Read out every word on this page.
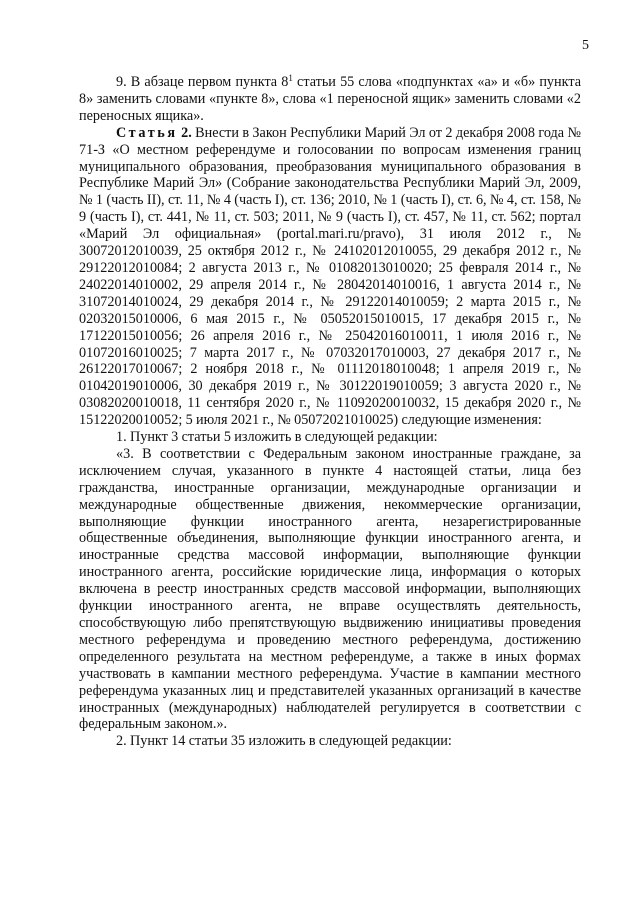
5

9. В абзаце первом пункта $8^1$ статьи 55 слова «подпунктах «а» и «б» пункта 8» заменить словами «пункте 8», слова «1 переносной ящик» заменить словами «2 переносных ящика».

Статья 2. Внести в Закон Республики Марий Эл от 2 декабря 2008 года № 71-З «О местном референдуме и голосовании по вопросам изменения границ муниципального образования, преобразования муниципального образования в Республике Марий Эл» (Собрание законодательства Республики Марий Эл, 2009, № 1 (часть II), ст. 11, № 4 (часть I), ст. 136; 2010, № 1 (часть I), ст. 6, № 4, ст. 158, № 9 (часть I), ст. 441, № 11, ст. 503; 2011, № 9 (часть I), ст. 457, № 11, ст. 562; портал «Марий Эл официальная» (portal.mari.ru/pravo), 31 июля 2012 г., № 30072012010039, 25 октября 2012 г., № 24102012010055, 29 декабря 2012 г., № 29122012010084; 2 августа 2013 г., № 01082013010020; 25 февраля 2014 г., № 24022014010002, 29 апреля 2014 г., № 28042014010016, 1 августа 2014 г., № 31072014010024, 29 декабря 2014 г., № 29122014010059; 2 марта 2015 г., № 02032015010006, 6 мая 2015 г., № 05052015010015, 17 декабря 2015 г., № 17122015010056; 26 апреля 2016 г., № 25042016010011, 1 июля 2016 г., № 01072016010025; 7 марта 2017 г., № 07032017010003, 27 декабря 2017 г., № 26122017010067; 2 ноября 2018 г., № 01112018010048; 1 апреля 2019 г., № 01042019010006, 30 декабря 2019 г., № 30122019010059; 3 августа 2020 г., № 03082020010018, 11 сентября 2020 г., № 11092020010032, 15 декабря 2020 г., № 15122020010052; 5 июля 2021 г., № 05072021010025) следующие изменения:

1. Пункт 3 статьи 5 изложить в следующей редакции:

«3. В соответствии с Федеральным законом иностранные граждане, за исключением случая, указанного в пункте 4 настоящей статьи, лица без гражданства, иностранные организации, международные организации и международные общественные движения, некоммерческие организации, выполняющие функции иностранного агента, незарегистрированные общественные объединения, выполняющие функции иностранного агента, и иностранные средства массовой информации, выполняющие функции иностранного агента, российские юридические лица, информация о которых включена в реестр иностранных средств массовой информации, выполняющих функции иностранного агента, не вправе осуществлять деятельность, способствующую либо препятствующую выдвижению инициативы проведения местного референдума и проведению местного референдума, достижению определенного результата на местном референдуме, а также в иных формах участвовать в кампании местного референдума. Участие в кампании местного референдума указанных лиц и представителей указанных организаций в качестве иностранных (международных) наблюдателей регулируется в соответствии с федеральным законом.».

2. Пункт 14 статьи 35 изложить в следующей редакции:
